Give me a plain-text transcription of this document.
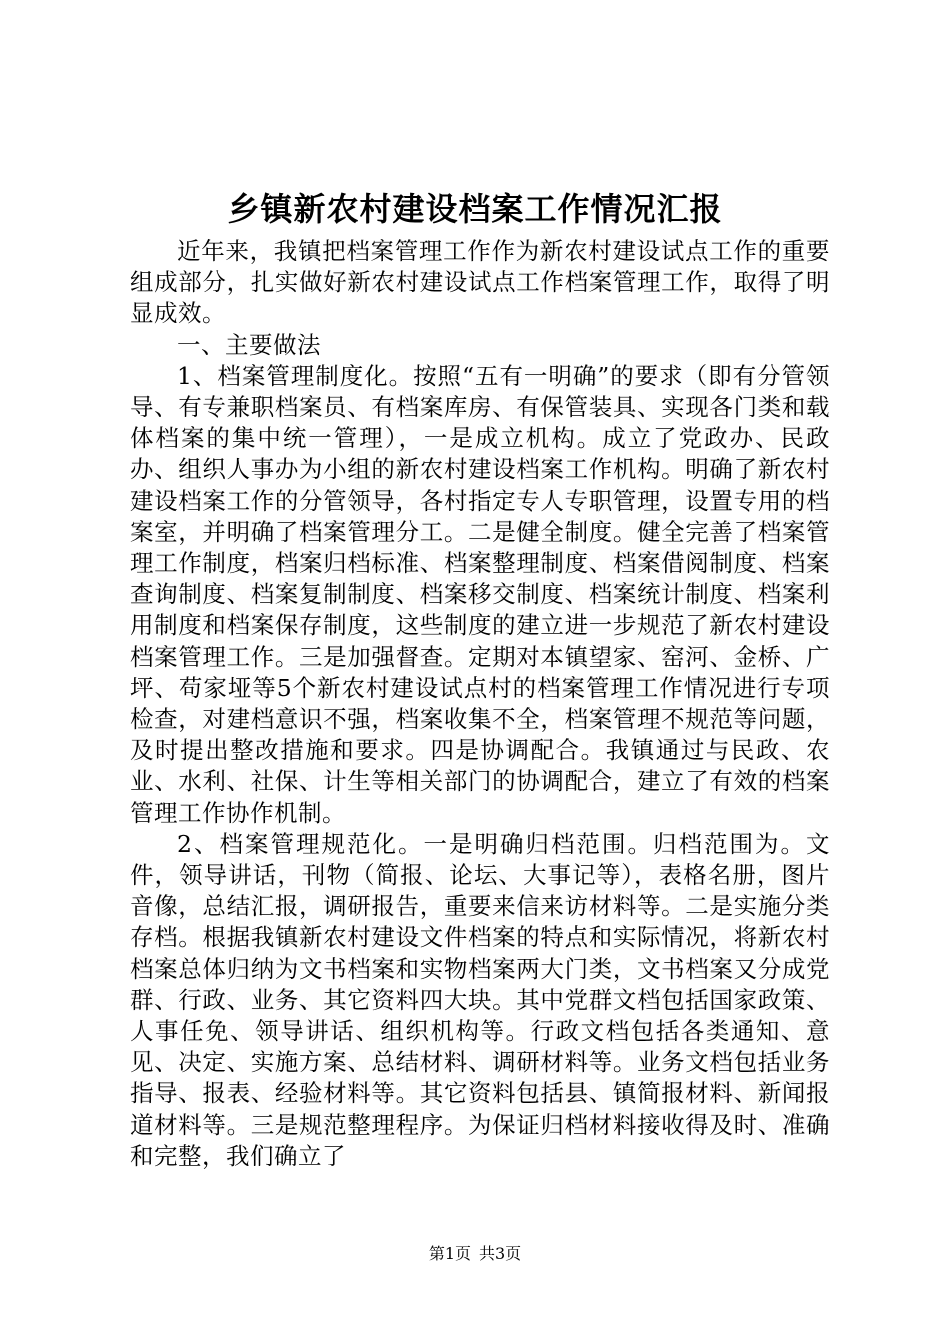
乡镇新农村建设档案工作情况汇报

近年来，我镇把档案管理工作作为新农村建设试点工作的重要组成部分，扎实做好新农村建设试点工作档案管理工作，取得了明显成效。

一、主要做法

1、档案管理制度化。按照“五有一明确”的要求（即有分管领导、有专兼职档案员、有档案库房、有保管装具、实现各门类和载体档案的集中统一管理），一是成立机构。成立了党政办、民政办、组织人事办为小组的新农村建设档案工作机构。明确了新农村建设档案工作的分管领导，各村指定专人专职管理，设置专用的档案室，并明确了档案管理分工。二是健全制度。健全完善了档案管理工作制度，档案归档标准、档案整理制度、档案借阅制度、档案查询制度、档案复制制度、档案移交制度、档案统计制度、档案利用制度和档案保存制度，这些制度的建立进一步规范了新农村建设档案管理工作。三是加强督查。定期对本镇望家、窑河、金桥、广坪、苟家垭等5个新农村建设试点村的档案管理工作情况进行专项检查，对建档意识不强，档案收集不全，档案管理不规范等问题，及时提出整改措施和要求。四是协调配合。我镇通过与民政、农业、水利、社保、计生等相关部门的协调配合，建立了有效的档案管理工作协作机制。

2、档案管理规范化。一是明确归档范围。归档范围为。文件，领导讲话，刊物（简报、论坛、大事记等），表格名册，图片音像，总结汇报，调研报告，重要来信来访材料等。二是实施分类存档。根据我镇新农村建设文件档案的特点和实际情况，将新农村档案总体归纳为文书档案和实物档案两大门类，文书档案又分成党群、行政、业务、其它资料四大块。其中党群文档包括国家政策、人事任免、领导讲话、组织机构等。行政文档包括各类通知、意见、决定、实施方案、总结材料、调研材料等。业务文档包括业务指导、报表、经验材料等。其它资料包括县、镇简报材料、新闻报道材料等。三是规范整理程序。为保证归档材料接收得及时、准确和完整，我们确立了

第1页 共3页
